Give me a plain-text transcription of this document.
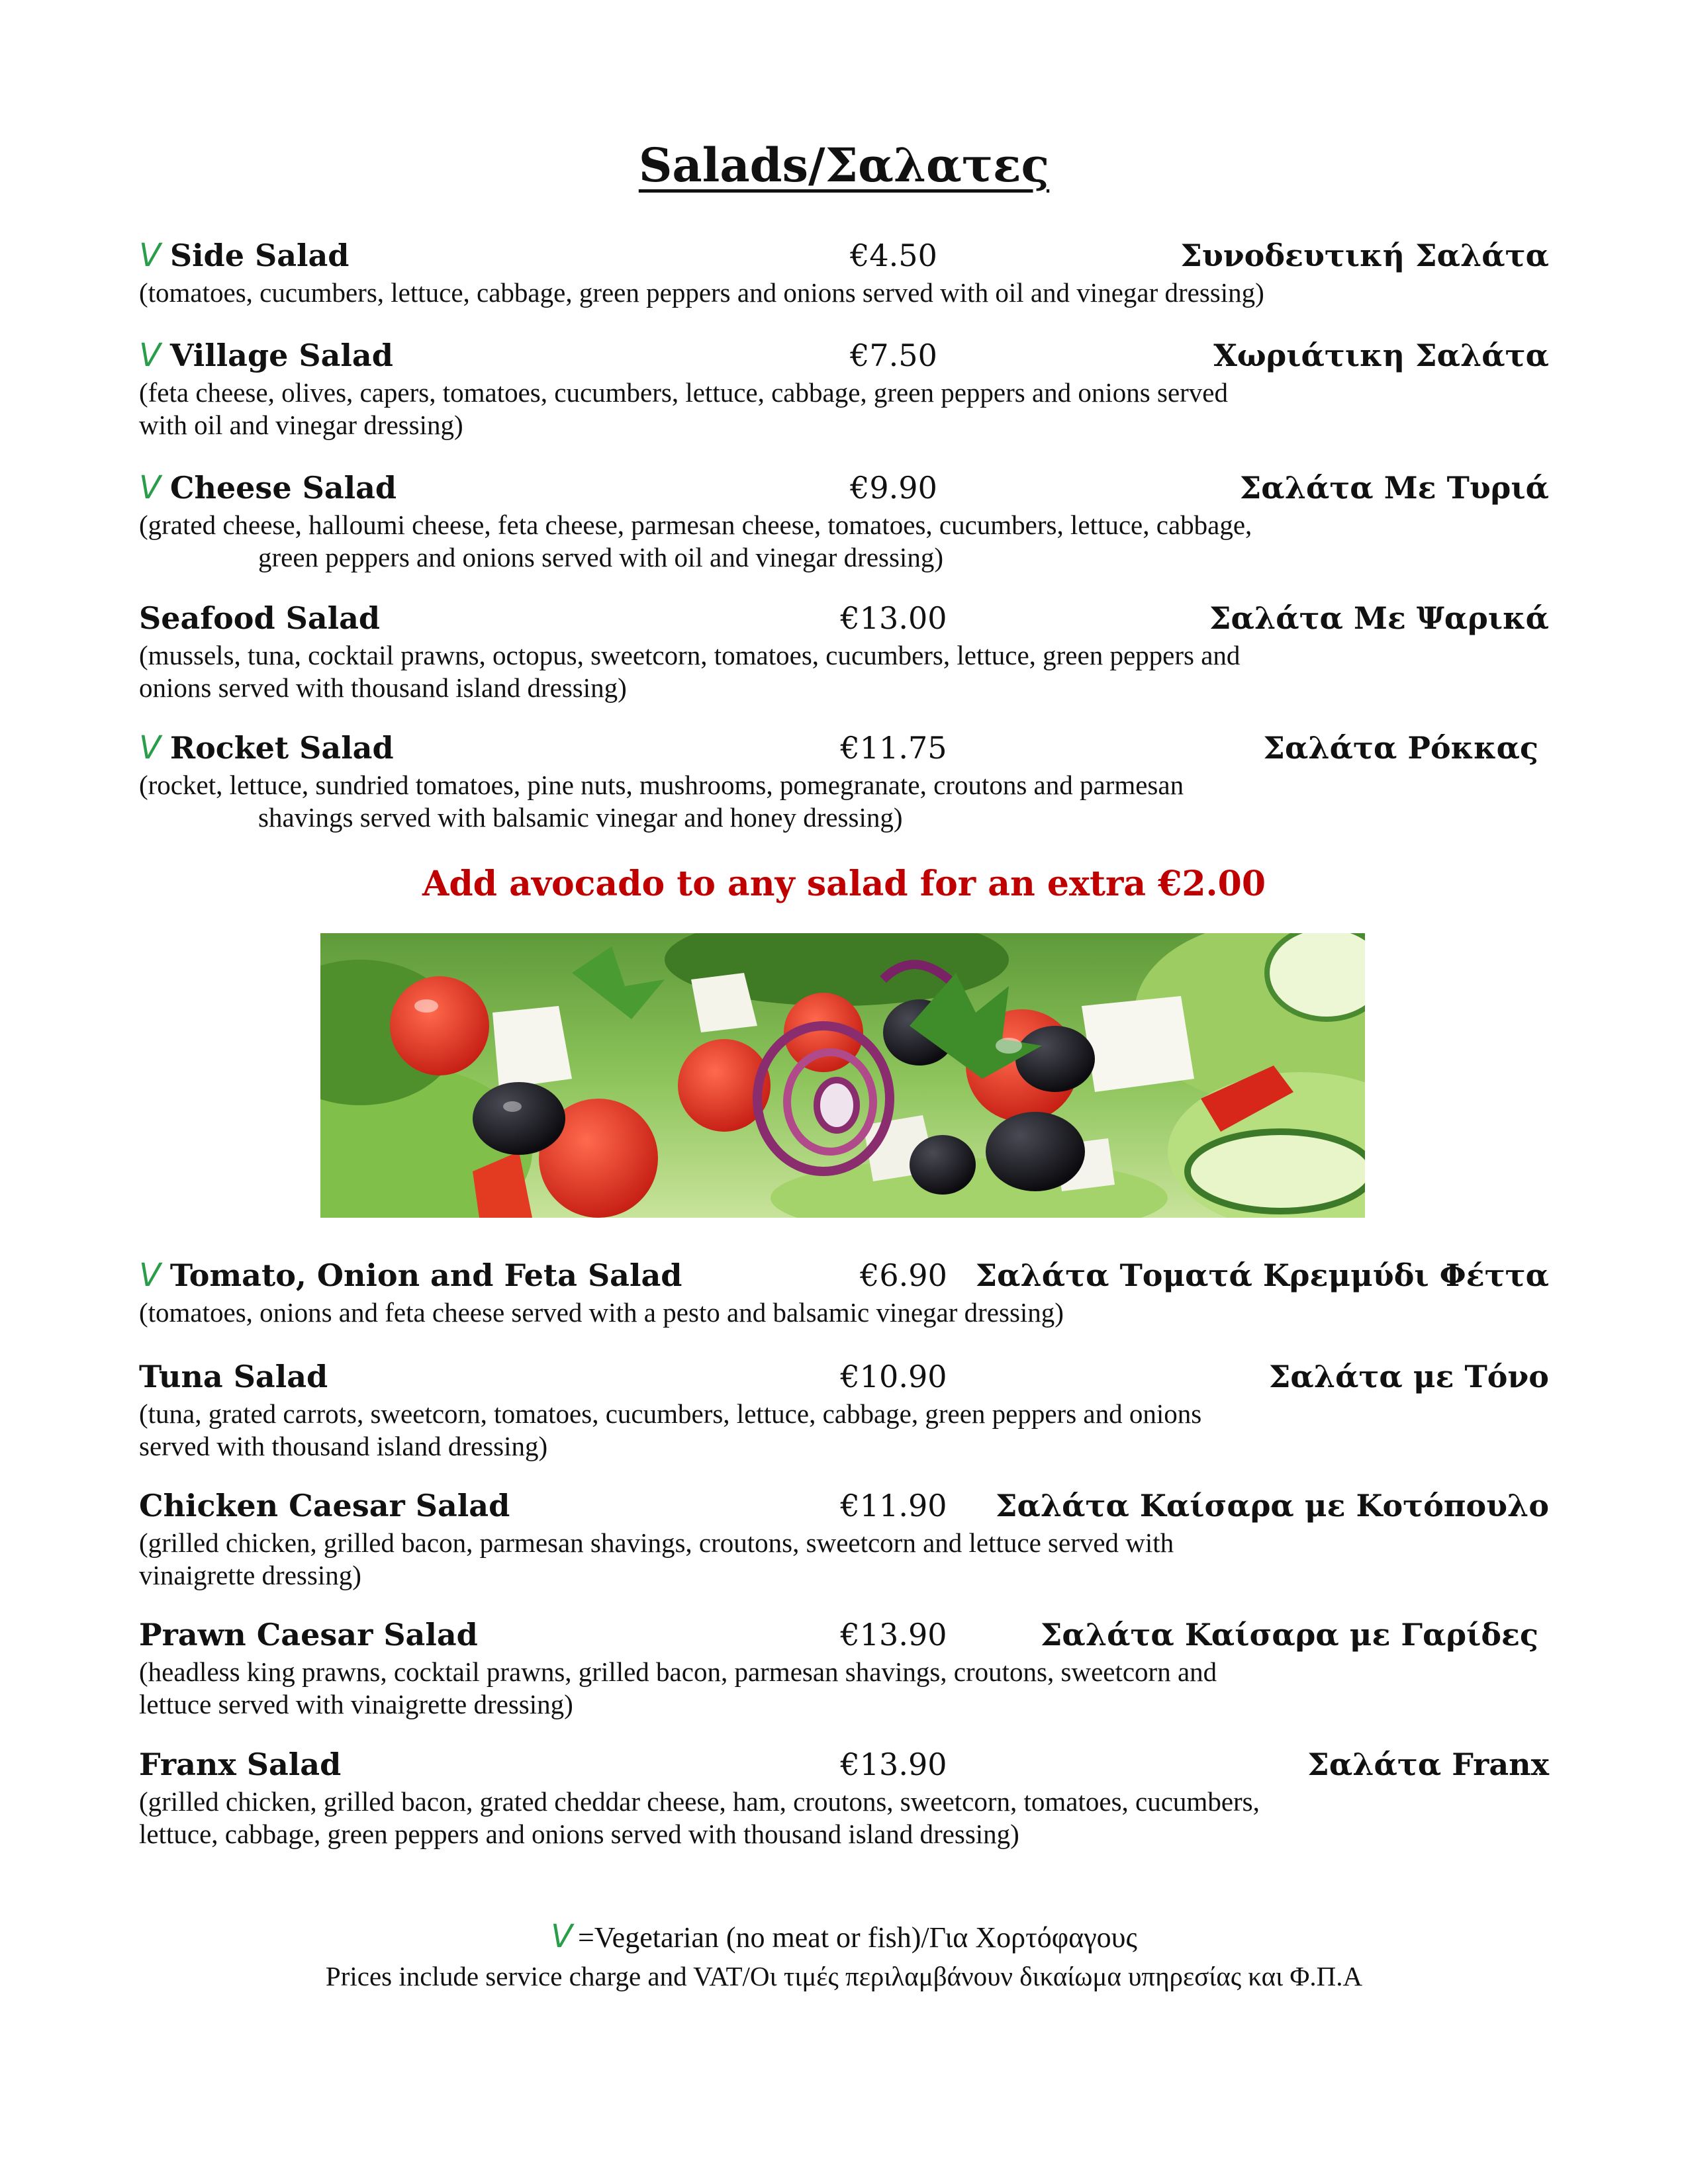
Salads/Σαλατες
V Side Salad	€4.50	Συνοδευτική Σαλάτα
(tomatoes, cucumbers, lettuce, cabbage, green peppers and onions served with oil and vinegar dressing)
V Village Salad	€7.50	Χωριάτικη Σαλάτα
(feta cheese, olives, capers, tomatoes, cucumbers, lettuce, cabbage, green peppers and onions served
with oil and vinegar dressing)
V Cheese Salad	€9.90	Σαλάτα Με Τυριά
(grated cheese, halloumi cheese, feta cheese, parmesan cheese, tomatoes, cucumbers, lettuce, cabbage,
green peppers and onions served with oil and vinegar dressing)
Seafood Salad	€13.00	Σαλάτα Με Ψαρικά
(mussels, tuna, cocktail prawns, octopus, sweetcorn, tomatoes, cucumbers, lettuce, green peppers and
onions served with thousand island dressing)
V Rocket Salad	€11.75	Σαλάτα Ρόκκας
(rocket, lettuce, sundried tomatoes, pine nuts, mushrooms, pomegranate, croutons and parmesan
shavings served with balsamic vinegar and honey dressing)
Add avocado to any salad for an extra €2.00
V Tomato, Onion and Feta Salad	€6.90 Σαλάτα Τοματά Κρεμμύδι Φέττα
(tomatoes, onions and feta cheese served with a pesto and balsamic vinegar dressing)
Tuna Salad	€10.90	Σαλάτα με Τόνο
(tuna, grated carrots, sweetcorn, tomatoes, cucumbers, lettuce, cabbage, green peppers and onions
served with thousand island dressing)
Chicken Caesar Salad	€11.90	Σαλάτα Καίσαρα με Κοτόπουλο
(grilled chicken, grilled bacon, parmesan shavings, croutons, sweetcorn and lettuce served with
vinaigrette dressing)
Prawn Caesar Salad	€13.90	Σαλάτα Καίσαρα με Γαρίδες
(headless king prawns, cocktail prawns, grilled bacon, parmesan shavings, croutons, sweetcorn and
lettuce served with vinaigrette dressing)
Franx Salad	€13.90	Σαλάτα Franx
(grilled chicken, grilled bacon, grated cheddar cheese, ham, croutons, sweetcorn, tomatoes, cucumbers,
lettuce, cabbage, green peppers and onions served with thousand island dressing)
V =Vegetarian (no meat or fish)/Για Χορτόφαγους
Prices include service charge and VAT/Οι τιμές περιλαμβάνουν δικαίωμα υπηρεσίας και Φ.Π.Α
